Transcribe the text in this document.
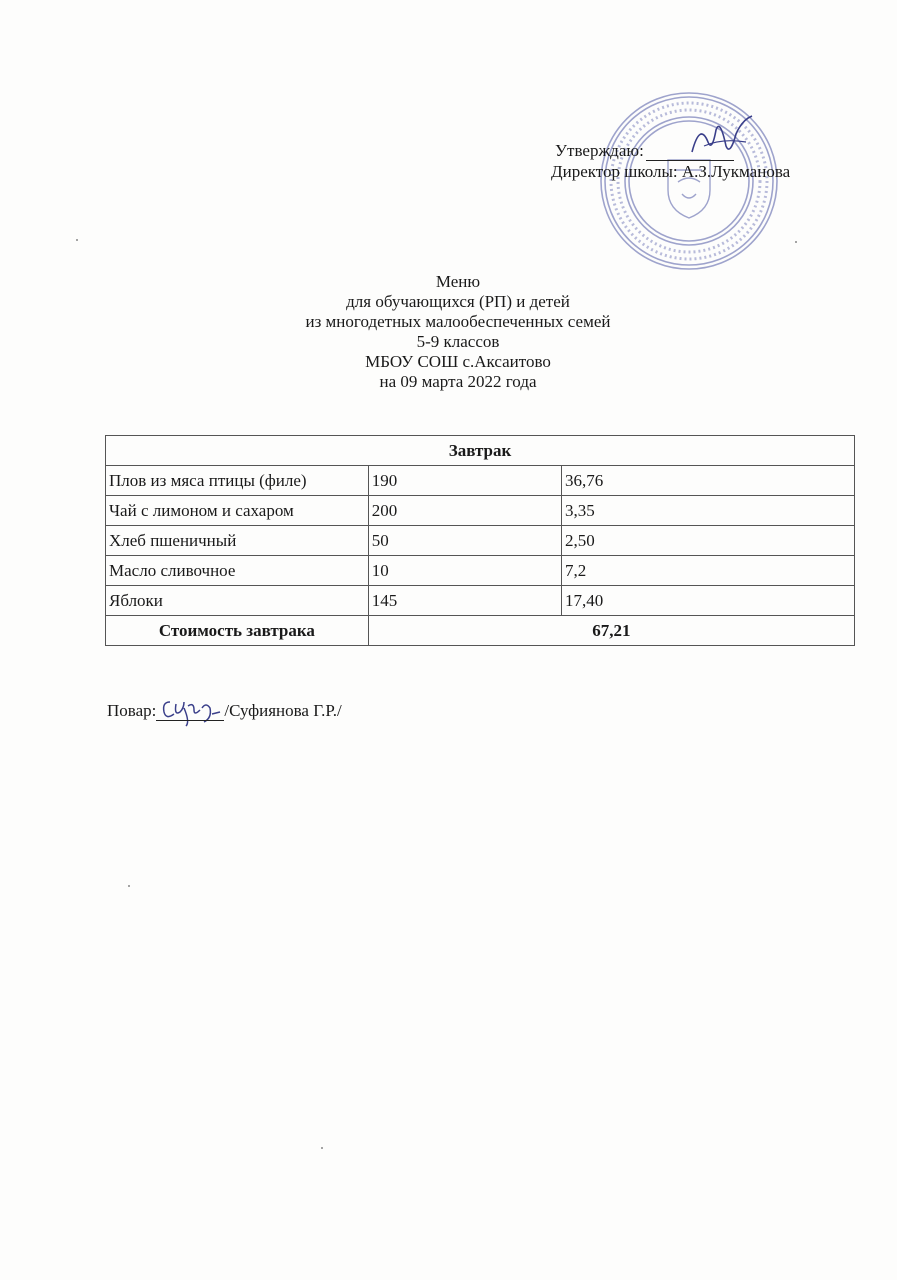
Утверждаю:
Директор школы: А.З.Лукманова
Меню
для обучающихся (РП) и детей
из многодетных малообеспеченных семей
5-9 классов
МБОУ СОШ с.Аксаитово
на 09 марта 2022 года
Завтрак		
Плов из мяса птицы (филе)	190	36,76
Чай с лимоном и сахаром	200	3,35
Хлеб пшеничный	50	2,50
Масло сливочное	10	7,2
Яблоки	145	17,40
Стоимость завтрака	67,21	
Повар:	/Суфиянова Г.Р./
